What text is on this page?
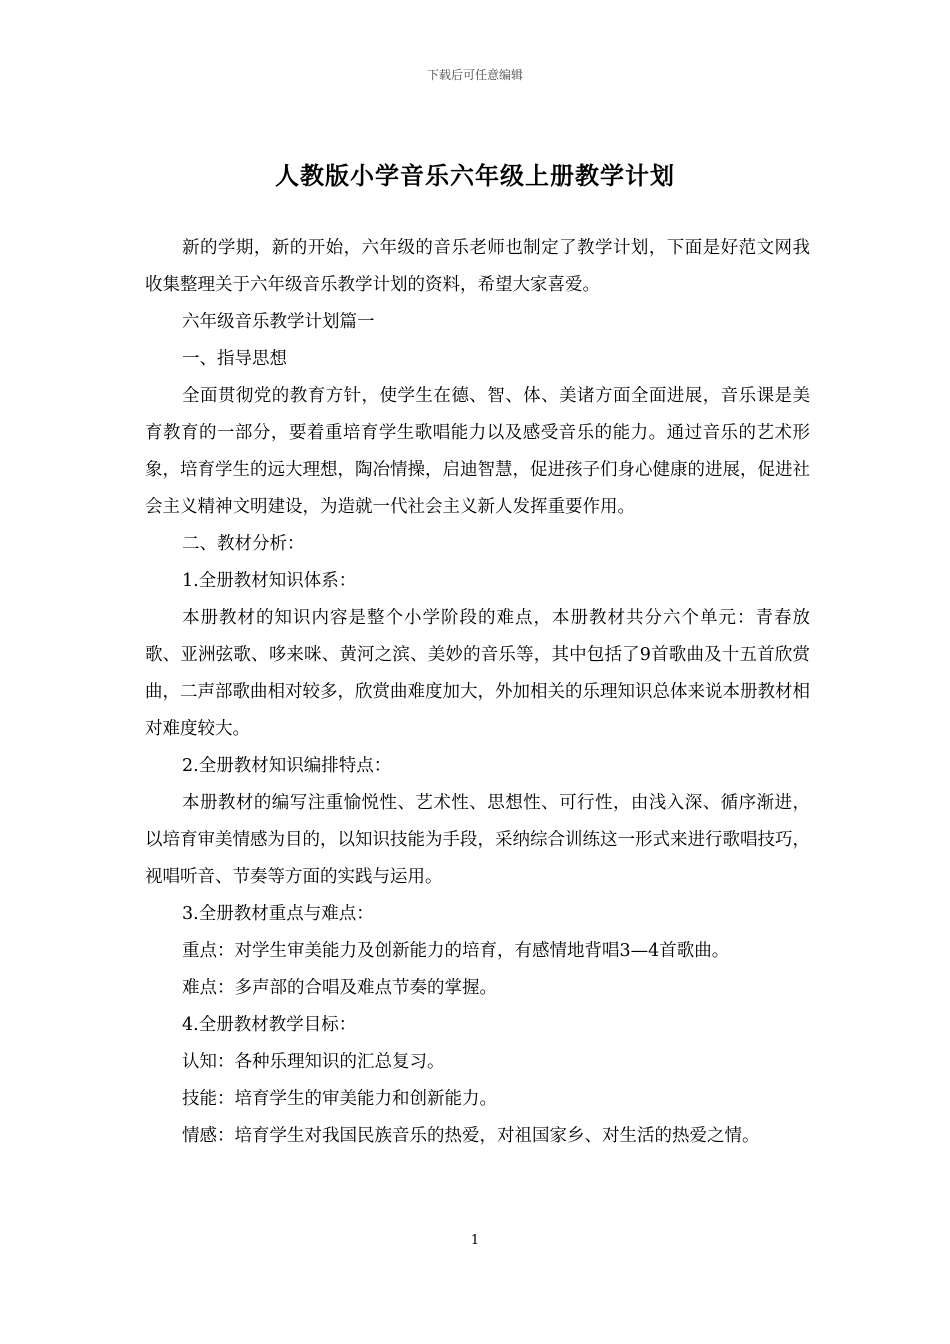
下载后可任意编辑
人教版小学音乐六年级上册教学计划

新的学期，新的开始，六年级的音乐老师也制定了教学计划，下面是好范文网我收集整理关于六年级音乐教学计划的资料，希望大家喜爱。

六年级音乐教学计划篇一

一、指导思想

全面贯彻党的教育方针，使学生在德、智、体、美诸方面全面进展，音乐课是美育教育的一部分，要着重培育学生歌唱能力以及感受音乐的能力。通过音乐的艺术形象，培育学生的远大理想，陶冶情操，启迪智慧，促进孩子们身心健康的进展，促进社会主义精神文明建设，为造就一代社会主义新人发挥重要作用。

二、教材分析：

1.全册教材知识体系：

本册教材的知识内容是整个小学阶段的难点，本册教材共分六个单元：青春放歌、亚洲弦歌、哆来咪、黄河之滨、美妙的音乐等，其中包括了9首歌曲及十五首欣赏曲，二声部歌曲相对较多，欣赏曲难度加大，外加相关的乐理知识总体来说本册教材相对难度较大。

2.全册教材知识编排特点：

本册教材的编写注重愉悦性、艺术性、思想性、可行性，由浅入深、循序渐进，以培育审美情感为目的，以知识技能为手段，采纳综合训练这一形式来进行歌唱技巧，视唱听音、节奏等方面的实践与运用。

3.全册教材重点与难点：

重点：对学生审美能力及创新能力的培育，有感情地背唱3—4首歌曲。

难点：多声部的合唱及难点节奏的掌握。

4.全册教材教学目标：

认知：各种乐理知识的汇总复习。

技能：培育学生的审美能力和创新能力。

情感：培育学生对我国民族音乐的热爱，对祖国家乡、对生活的热爱之情。

1
